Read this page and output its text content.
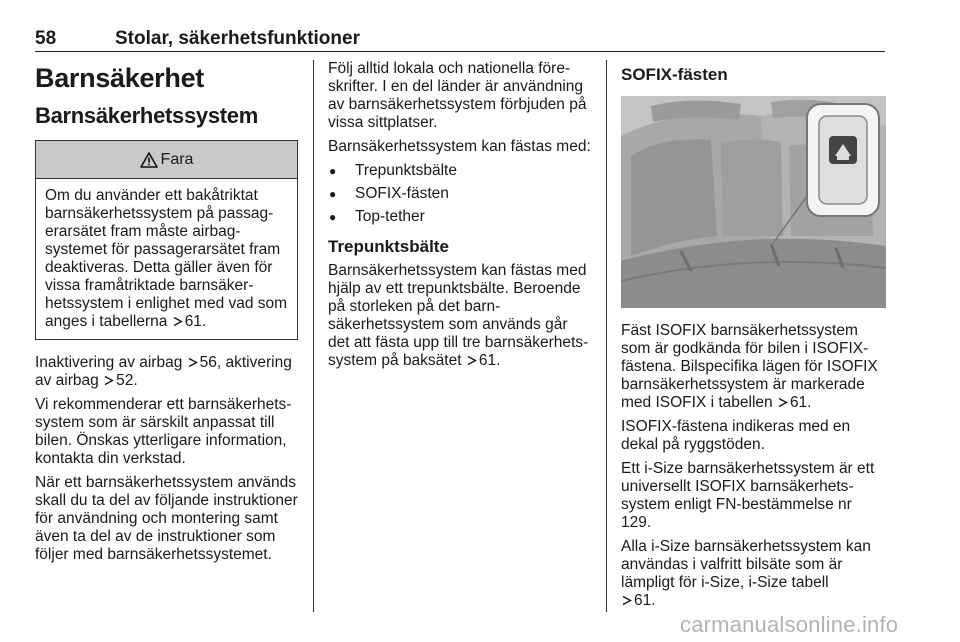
58	Stolar, säkerhetsfunktioner
Barnsäkerhet
Barnsäkerhetssystem
Fara
Om du använder ett bakåtriktat barnsäkerhetssystem på passagerarsätet fram måste airbagsystemet för passagerarsätet fram deaktiveras. Detta gäller även för vissa framåtriktade barnsäkerhetssystem i enlighet med vad som anges i tabellerna 61.

Inaktivering av airbag 56, aktivering av airbag 52.

Vi rekommenderar ett barnsäkerhetssystem som är särskilt anpassat till bilen. Önskas ytterligare information, kontakta din verkstad.

När ett barnsäkerhetssystem används skall du ta del av följande instruktioner för användning och montering samt även ta del av de instruktioner som följer med barnsäkerhetssystemet.

Följ alltid lokala och nationella föreskrifter. I en del länder är användning av barnsäkerhetssystem förbjuden på vissa sittplatser.

Barnsäkerhetssystem kan fästas med:

● Trepunktsbälte
● SOFIX-fästen
● Top-tether
Trepunktsbälte

Barnsäkerhetssystem kan fästas med hjälp av ett trepunktsbälte. Beroende på storleken på det barnsäkerhetssystem som används går det att fästa upp till tre barnsäkerhetssystem på baksätet 61.

SOFIX-fästen

Fäst ISOFIX barnsäkerhetssystem som är godkända för bilen i ISOFIX-fästena. Bilspecifika lägen för ISOFIX barnsäkerhetssystem är markerade med ISOFIX i tabellen 61.

ISOFIX-fästena indikeras med en dekal på ryggstöden.

Ett i-Size barnsäkerhetssystem är ett universellt ISOFIX barnsäkerhetssystem enligt FN-bestämmelse nr 129.

Alla i-Size barnsäkerhetssystem kan användas i valfritt bilsäte som är lämpligt för i-Size, i-Size tabell
61.

carmanualsonline.info
